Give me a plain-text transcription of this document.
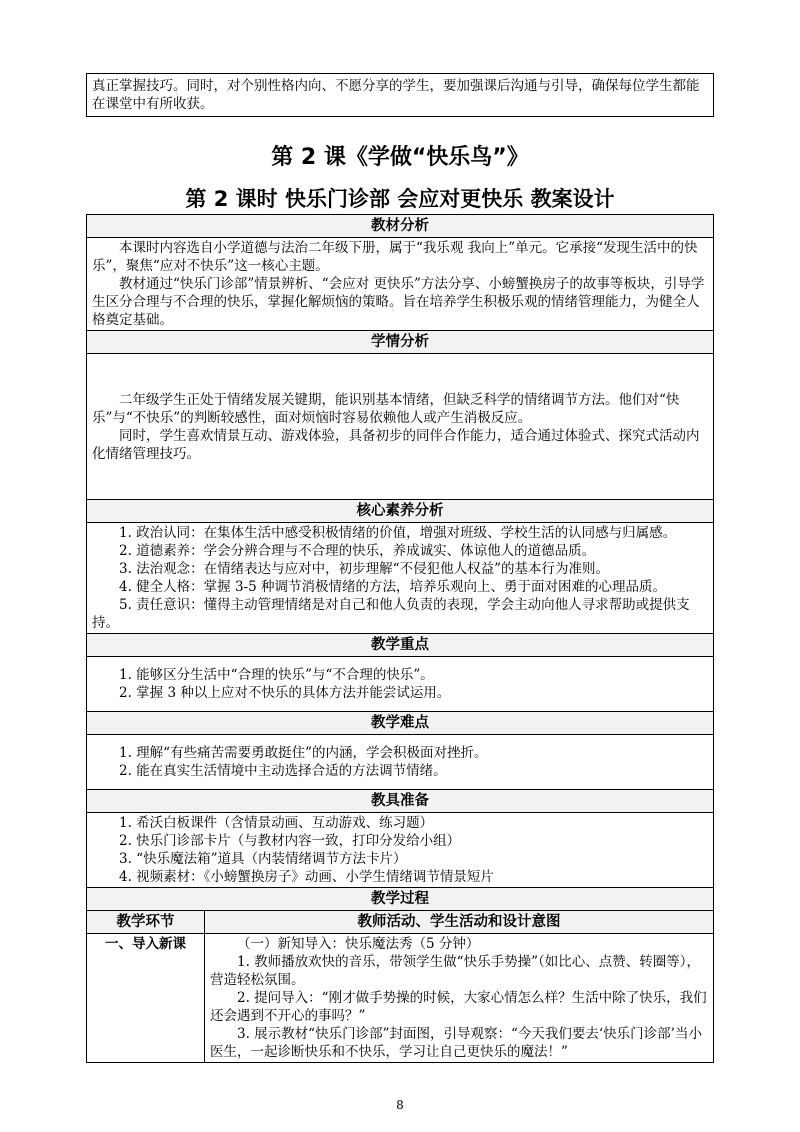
真正掌握技巧。同时，对个别性格内向、不愿分享的学生，要加强课后沟通与引导，确保每位学生都能在课堂中有所收获。
第 2 课《学做“快乐鸟”》
第 2 课时 快乐门诊部 会应对更快乐 教案设计
教材分析	

本课时内容选自小学道德与法治二年级下册，属于“我乐观 我向上”单元。它承接“发现生活中的快乐”，聚焦“应对不快乐”这一核心主题。

教材通过“快乐门诊部”情景辨析、“会应对 更快乐”方法分享、小螃蟹换房子的故事等板块，引导学生区分合理与不合理的快乐，掌握化解烦恼的策略。旨在培养学生积极乐观的情绪管理能力，为健全人格奠定基础。	

学情分析	

二年级学生正处于情绪发展关键期，能识别基本情绪，但缺乏科学的情绪调节方法。他们对“快乐”与“不快乐”的判断较感性，面对烦恼时容易依赖他人或产生消极反应。

同时，学生喜欢情景互动、游戏体验，具备初步的同伴合作能力，适合通过体验式、探究式活动内化情绪管理技巧。	

核心素养分析	

1. 政治认同：在集体生活中感受积极情绪的价值，增强对班级、学校生活的认同感与归属感。

2. 道德素养：学会分辨合理与不合理的快乐，养成诚实、体谅他人的道德品质。

3. 法治观念：在情绪表达与应对中，初步理解“不侵犯他人权益”的基本行为准则。

4. 健全人格：掌握 3-5 种调节消极情绪的方法，培养乐观向上、勇于面对困难的心理品质。

5. 责任意识：懂得主动管理情绪是对自己和他人负责的表现，学会主动向他人寻求帮助或提供支持。	

教学重点	

1. 能够区分生活中“合理的快乐”与“不合理的快乐”。

2. 掌握 3 种以上应对不快乐的具体方法并能尝试运用。	

教学难点	

1. 理解“有些痛苦需要勇敢挺住”的内涵，学会积极面对挫折。

2. 能在真实生活情境中主动选择合适的方法调节情绪。	

教具准备	

1. 希沃白板课件（含情景动画、互动游戏、练习题）

2. 快乐门诊部卡片（与教材内容一致，打印分发给小组）

3. “快乐魔法箱”道具（内装情绪调节方法卡片）

4. 视频素材：《小螃蟹换房子》动画、小学生情绪调节情景短片	

教学过程	
教学环节	教师活动、学生活动和设计意图
一、导入新课	（一）新知导入：快乐魔法秀（5 分钟）

1. 教师播放欢快的音乐，带领学生做“快乐手势操”（如比心、点赞、转圈等），营造轻松氛围。

2. 提问导入：“刚才做手势操的时候，大家心情怎么样？生活中除了快乐，我们还会遇到不开心的事吗？”

3. 展示教材“快乐门诊部”封面图，引导观察：“今天我们要去‘快乐门诊部’当小医生，一起诊断快乐和不快乐，学习让自己更快乐的魔法！”

8
